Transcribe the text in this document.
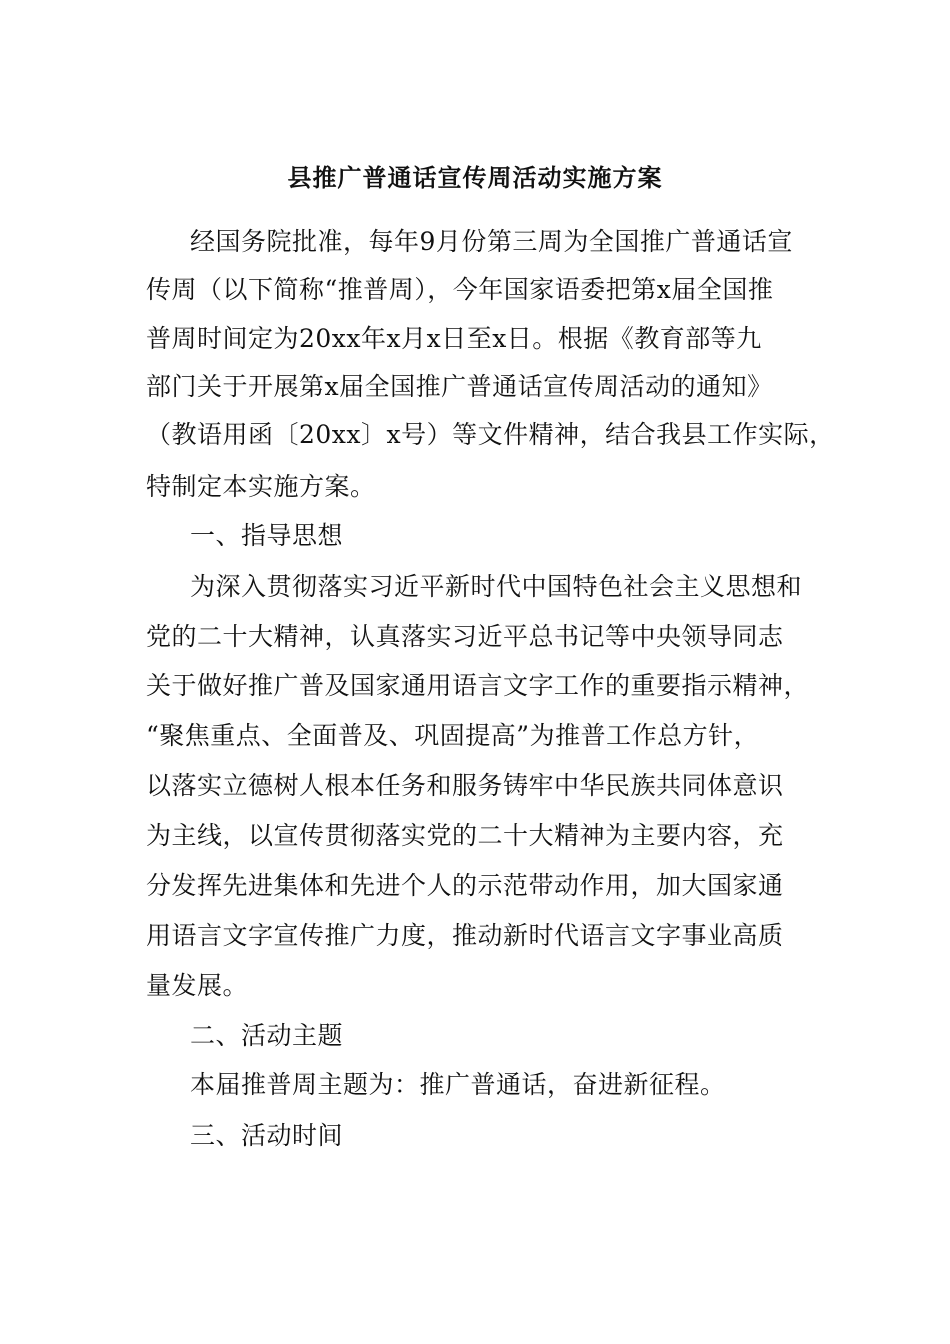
县推广普通话宣传周活动实施方案
经国务院批准，每年9月份第三周为全国推广普通话宣
传周（以下简称“推普周），今年国家语委把第x届全国推
普周时间定为20xx年x月x日至x日。根据《教育部等九
部门关于开展第x届全国推广普通话宣传周活动的通知》
（教语用函〔20xx〕x号）等文件精神，结合我县工作实际，
特制定本实施方案。
一、指导思想
为深入贯彻落实习近平新时代中国特色社会主义思想和
党的二十大精神，认真落实习近平总书记等中央领导同志
关于做好推广普及国家通用语言文字工作的重要指示精神，
“聚焦重点、全面普及、巩固提高”为推普工作总方针，
以落实立德树人根本任务和服务铸牢中华民族共同体意识
为主线，以宣传贯彻落实党的二十大精神为主要内容，充
分发挥先进集体和先进个人的示范带动作用，加大国家通
用语言文字宣传推广力度，推动新时代语言文字事业高质
量发展。
二、活动主题
本届推普周主题为：推广普通话，奋进新征程。
三、活动时间
